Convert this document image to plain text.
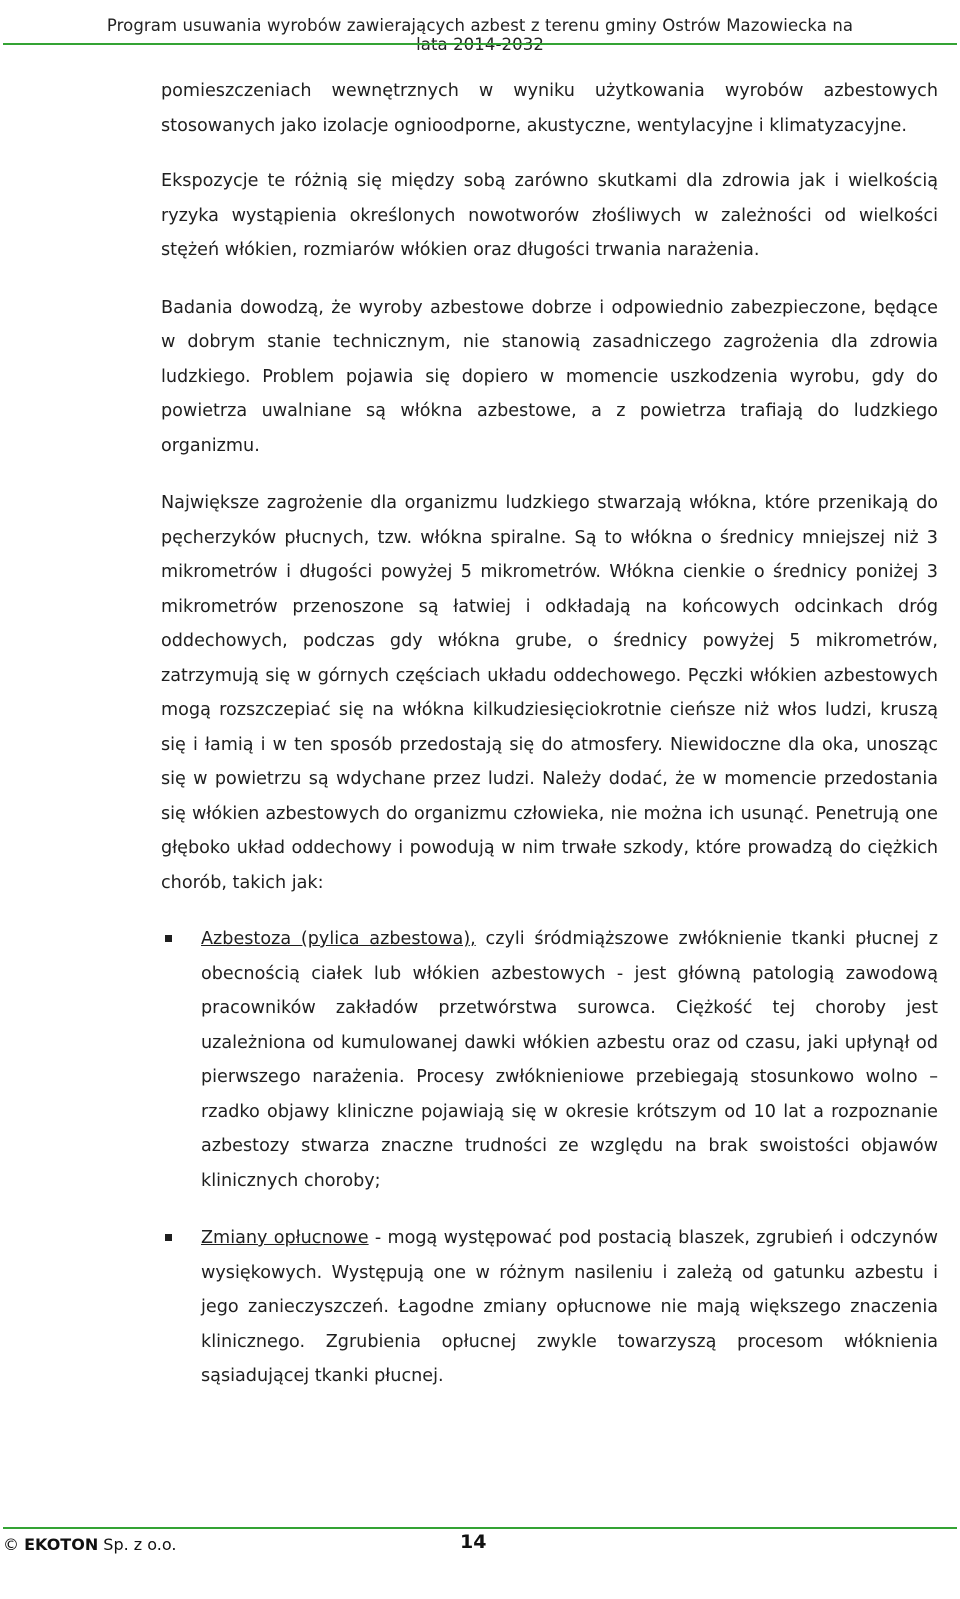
Program usuwania wyrobów zawierających azbest z terenu gminy Ostrów Mazowiecka na

pomieszczeniach wewnętrznych w wyniku użytkowania wyrobów azbestowych stosowanych jako izolacje ognioodporne, akustyczne, wentylacyjne i klimatyzacyjne.

Ekspozycje te różnią się między sobą zarówno skutkami dla zdrowia jak i wielkością ryzyka wystąpienia określonych nowotworów złośliwych w zależności od wielkości stężeń włókien, rozmiarów włókien oraz długości trwania narażenia.

Badania dowodzą, że wyroby azbestowe dobrze i odpowiednio zabezpieczone, będące w dobrym stanie technicznym, nie stanowią zasadniczego zagrożenia dla zdrowia ludzkiego. Problem pojawia się dopiero w momencie uszkodzenia wyrobu, gdy do powietrza uwalniane są włókna azbestowe, a z powietrza trafiają do ludzkiego organizmu.

Największe zagrożenie dla organizmu ludzkiego stwarzają włókna, które przenikają do pęcherzyków płucnych, tzw. włókna spiralne. Są to włókna o średnicy mniejszej niż 3 mikrometrów i długości powyżej 5 mikrometrów. Włókna cienkie o średnicy poniżej 3 mikrometrów przenoszone są łatwiej i odkładają na końcowych odcinkach dróg oddechowych, podczas gdy włókna grube, o średnicy powyżej 5 mikrometrów, zatrzymują się w górnych częściach układu oddechowego. Pęczki włókien azbestowych mogą rozszczepiać się na włókna kilkudziesięciokrotnie cieńsze niż włos ludzi, kruszą się i łamią i w ten sposób przedostają się do atmosfery. Niewidoczne dla oka, unosząc się w powietrzu są wdychane przez ludzi. Należy dodać, że w momencie przedostania się włókien azbestowych do organizmu człowieka, nie można ich usunąć. Penetrują one głęboko układ oddechowy i powodują w nim trwałe szkody, które prowadzą do ciężkich chorób, takich jak:

Azbestoza (pylica azbestowa), czyli śródmiąższowe zwłóknienie tkanki płucnej z obecnością ciałek lub włókien azbestowych - jest główną patologią zawodową pracowników zakładów przetwórstwa surowca. Ciężkość tej choroby jest uzależniona od kumulowanej dawki włókien azbestu oraz od czasu, jaki upłynął od pierwszego narażenia. Procesy zwłóknieniowe przebiegają stosunkowo wolno – rzadko objawy kliniczne pojawiają się w okresie krótszym od 10 lat a rozpoznanie azbestozy stwarza znaczne trudności ze względu na brak swoistości objawów klinicznych choroby;

Zmiany opłucnowe - mogą występować pod postacią blaszek, zgrubień i odczynów wysiękowych. Występują one w różnym nasileniu i zależą od gatunku azbestu i jego zanieczyszczeń. Łagodne zmiany opłucnowe nie mają większego znaczenia klinicznego. Zgrubienia opłucnej zwykle towarzyszą procesom włóknienia sąsiadującej tkanki płucnej.

© EKOTON Sp. z o.o.	14
